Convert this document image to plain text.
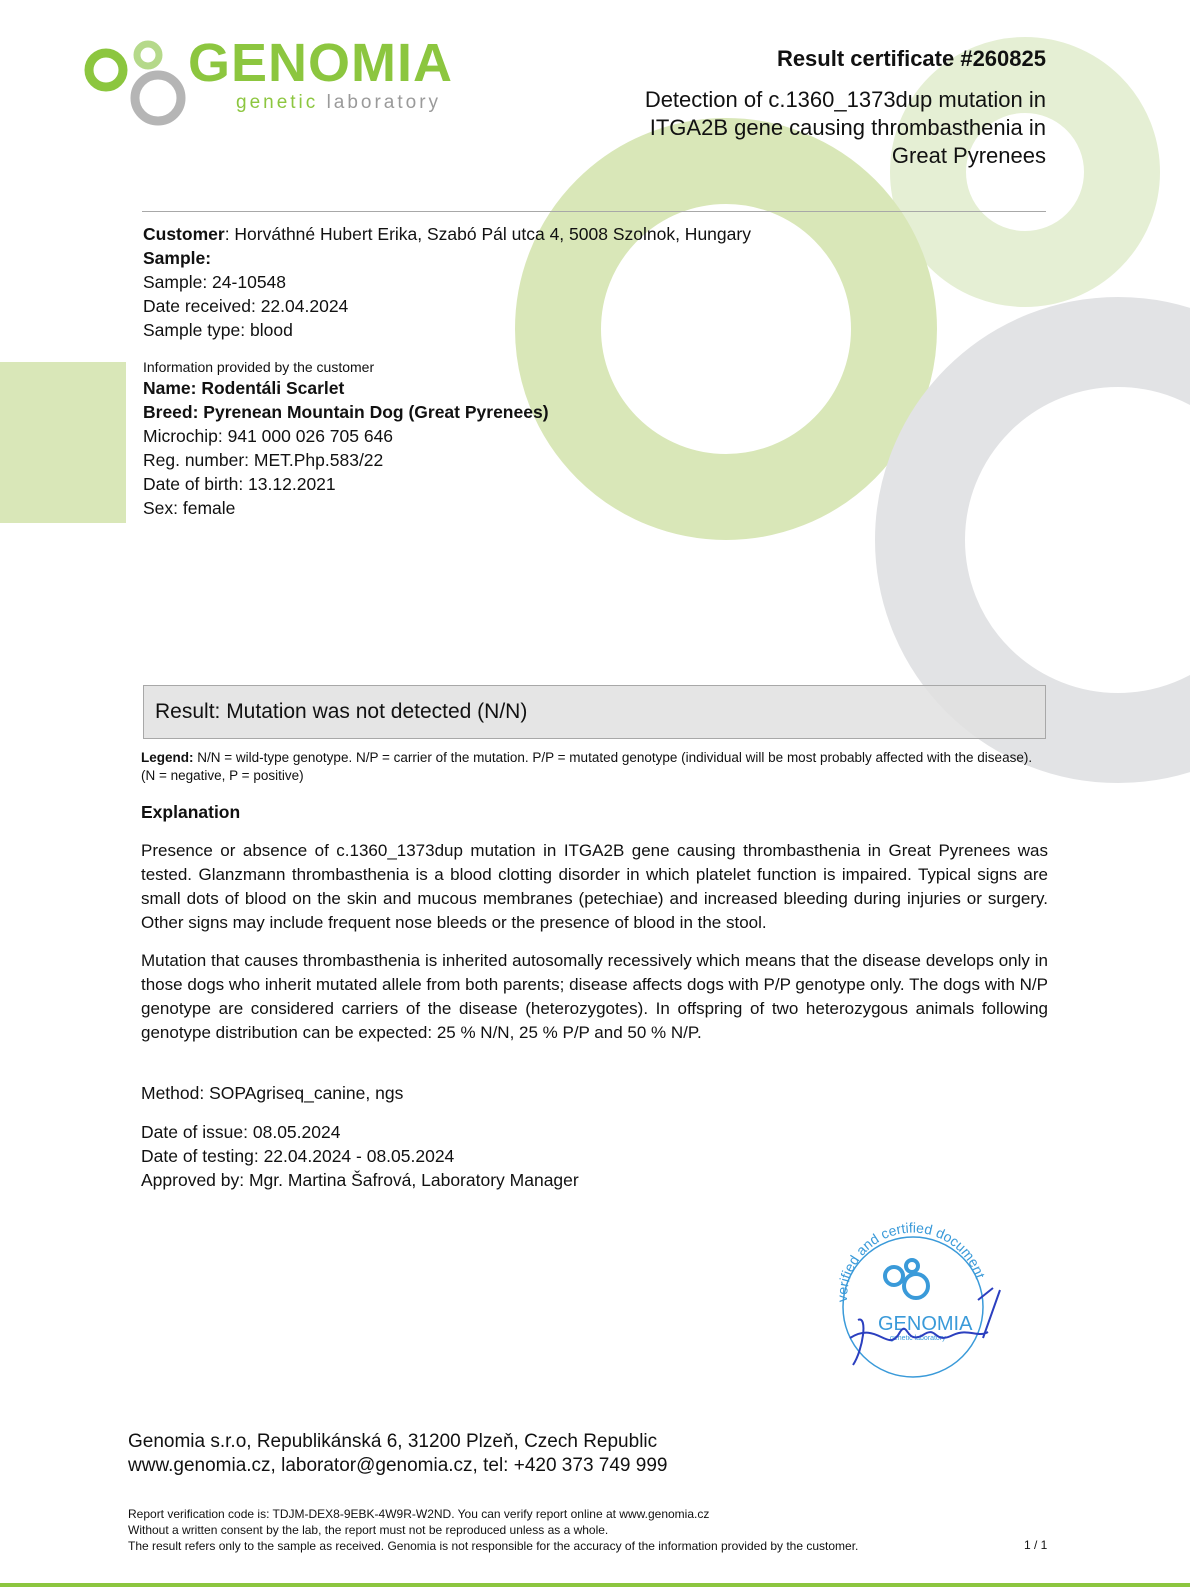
GENOMIA
genetic laboratory
Result certificate #260825
Detection of c.1360_1373dup mutation in
ITGA2B gene causing thrombasthenia in
Great Pyrenees
Customer: Horváthné Hubert Erika, Szabó Pál utca 4, 5008 Szolnok, Hungary
Sample:
Sample: 24-10548
Date received: 22.04.2024
Sample type: blood
Information provided by the customer
Name: Rodentáli Scarlet
Breed: Pyrenean Mountain Dog (Great Pyrenees)
Microchip: 941 000 026 705 646
Reg. number: MET.Php.583/22
Date of birth: 13.12.2021
Sex: female
Result: Mutation was not detected (N/N)
Legend: N/N = wild-type genotype. N/P = carrier of the mutation. P/P = mutated genotype (individual will be most probably affected with the disease). (N = negative, P = positive)
Explanation
Presence or absence of c.1360_1373dup mutation in ITGA2B gene causing thrombasthenia in Great Pyrenees was tested. Glanzmann thrombasthenia is a blood clotting disorder in which platelet function is impaired. Typical signs are small dots of blood on the skin and mucous membranes (petechiae) and increased bleeding during injuries or surgery. Other signs may include frequent nose bleeds or the presence of blood in the stool.
Mutation that causes thrombasthenia is inherited autosomally recessively which means that the disease develops only in those dogs who inherit mutated allele from both parents; disease affects dogs with P/P genotype only. The dogs with N/P genotype are considered carriers of the disease (heterozygotes). In offspring of two heterozygous animals following genotype distribution can be expected: 25 % N/N, 25 % P/P and 50 % N/P.
Method: SOPAgriseq_canine, ngs
Date of issue: 08.05.2024
Date of testing: 22.04.2024 - 08.05.2024
Approved by: Mgr. Martina Šafrová, Laboratory Manager
verified and certified document
GENOMIA
genetic laboratory
Genomia s.r.o, Republikánská 6, 31200 Plzeň, Czech Republic
www.genomia.cz, laborator@genomia.cz, tel: +420 373 749 999
Report verification code is: TDJM-DEX8-9EBK-4W9R-W2ND. You can verify report online at www.genomia.cz
Without a written consent by the lab, the report must not be reproduced unless as a whole.
The result refers only to the sample as received. Genomia is not responsible for the accuracy of the information provided by the customer.	1 / 1
